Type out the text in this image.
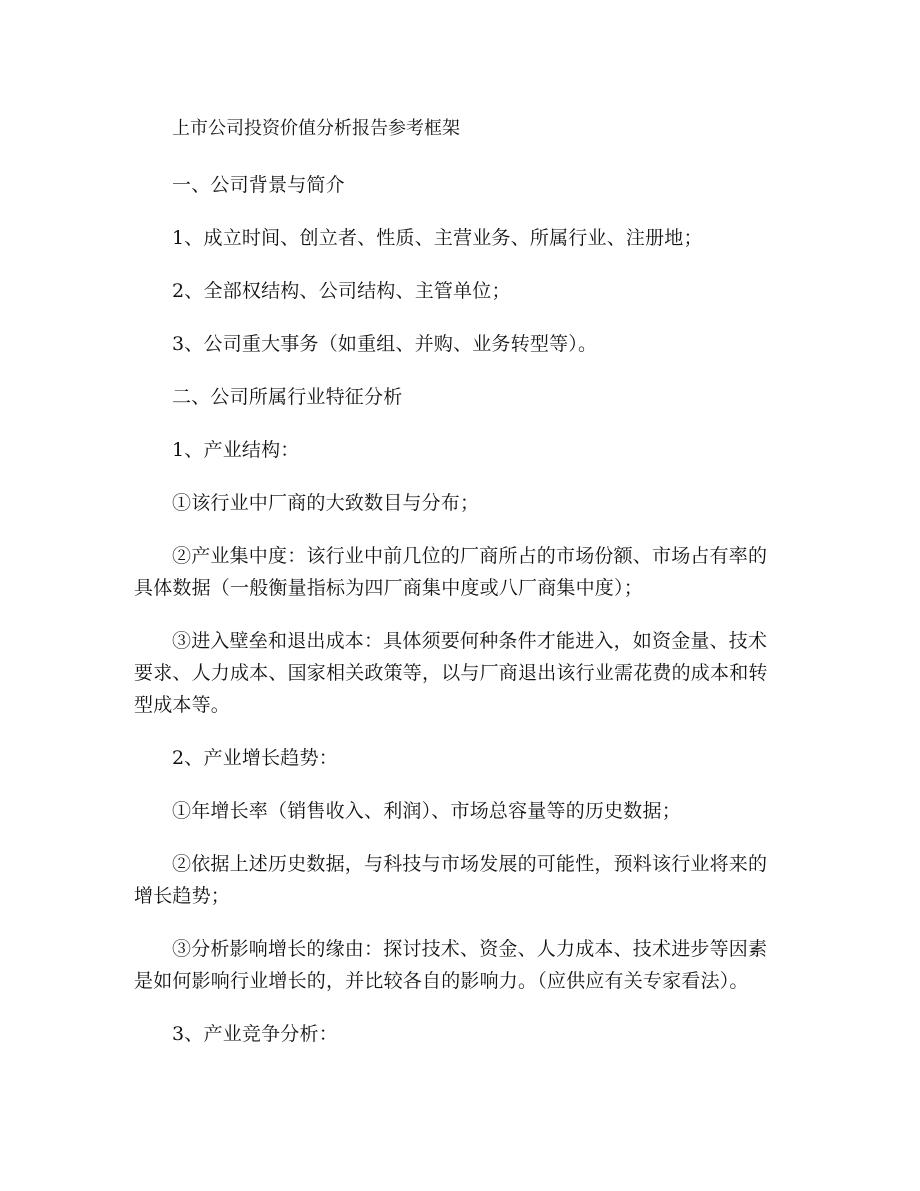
上市公司投资价值分析报告参考框架

一、公司背景与简介

1、成立时间、创立者、性质、主营业务、所属行业、注册地；

2、全部权结构、公司结构、主管单位；

3、公司重大事务（如重组、并购、业务转型等）。

二、公司所属行业特征分析

1、产业结构：

①该行业中厂商的大致数目与分布；

②产业集中度：该行业中前几位的厂商所占的市场份额、市场占有率的具体数据（一般衡量指标为四厂商集中度或八厂商集中度）；

③进入壁垒和退出成本：具体须要何种条件才能进入，如资金量、技术要求、人力成本、国家相关政策等，以与厂商退出该行业需花费的成本和转型成本等。

2、产业增长趋势：

①年增长率（销售收入、利润）、市场总容量等的历史数据；

②依据上述历史数据，与科技与市场发展的可能性，预料该行业将来的增长趋势；

③分析影响增长的缘由：探讨技术、资金、人力成本、技术进步等因素是如何影响行业增长的，并比较各自的影响力。（应供应有关专家看法）。

3、产业竞争分析：
